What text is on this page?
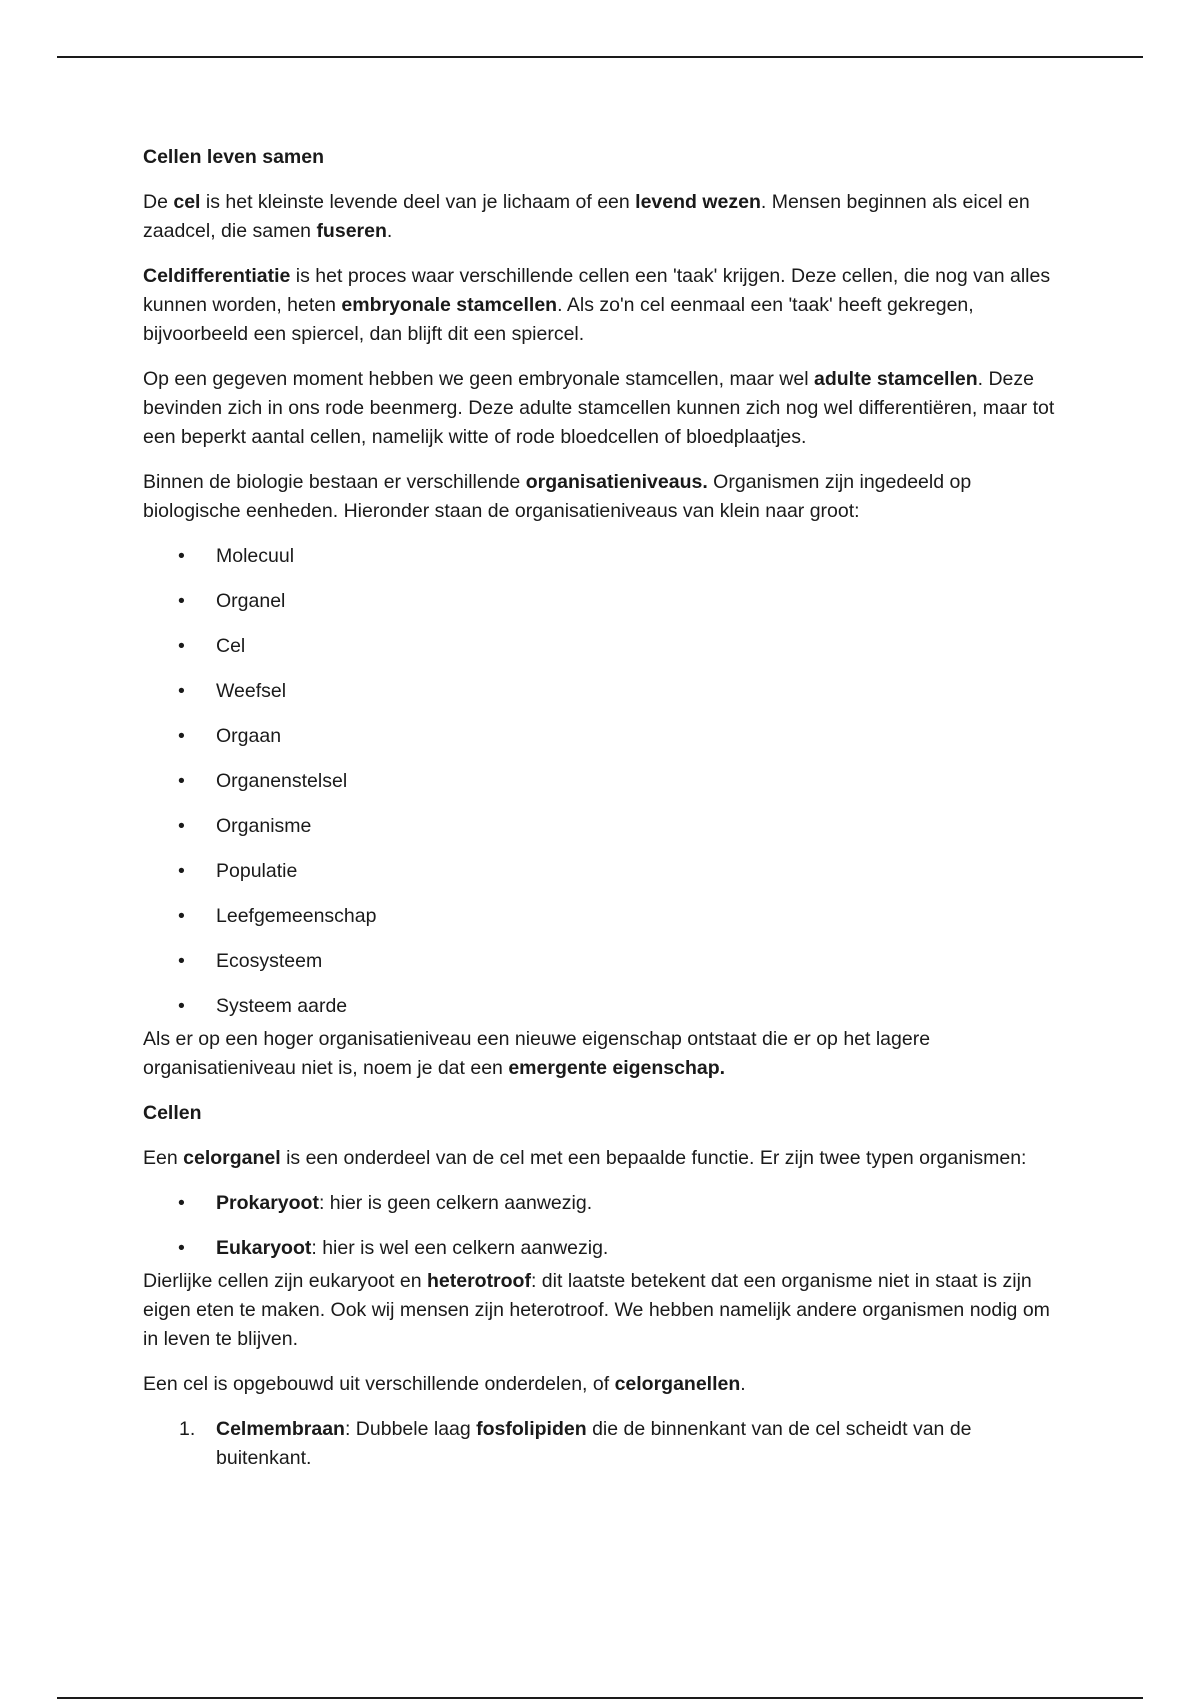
Cellen leven samen

De cel is het kleinste levende deel van je lichaam of een levend wezen. Mensen beginnen als eicel en zaadcel, die samen fuseren.

Celdifferentiatie is het proces waar verschillende cellen een 'taak' krijgen. Deze cellen, die nog van alles kunnen worden, heten embryonale stamcellen. Als zo'n cel eenmaal een 'taak' heeft gekregen, bijvoorbeeld een spiercel, dan blijft dit een spiercel.

Op een gegeven moment hebben we geen embryonale stamcellen, maar wel adulte stamcellen. Deze bevinden zich in ons rode beenmerg. Deze adulte stamcellen kunnen zich nog wel differentiëren, maar tot een beperkt aantal cellen, namelijk witte of rode bloedcellen of bloedplaatjes.

Binnen de biologie bestaan er verschillende organisatieniveaus. Organismen zijn ingedeeld op biologische eenheden. Hieronder staan de organisatieniveaus van klein naar groot:

• Molecuul
• Organel
• Cel
• Weefsel
• Orgaan
• Organenstelsel
• Organisme
• Populatie
• Leefgemeenschap
• Ecosysteem
• Systeem aarde

Als er op een hoger organisatieniveau een nieuwe eigenschap ontstaat die er op het lagere organisatieniveau niet is, noem je dat een emergente eigenschap.

Cellen

Een celorganel is een onderdeel van de cel met een bepaalde functie. Er zijn twee typen organismen:

• Prokaryoot: hier is geen celkern aanwezig.
• Eukaryoot: hier is wel een celkern aanwezig.

Dierlijke cellen zijn eukaryoot en heterotroof: dit laatste betekent dat een organisme niet in staat is zijn eigen eten te maken. Ook wij mensen zijn heterotroof. We hebben namelijk andere organismen nodig om in leven te blijven.

Een cel is opgebouwd uit verschillende onderdelen, of celorganellen.

1. Celmembraan: Dubbele laag fosfolipiden die de binnenkant van de cel scheidt van de buitenkant.
